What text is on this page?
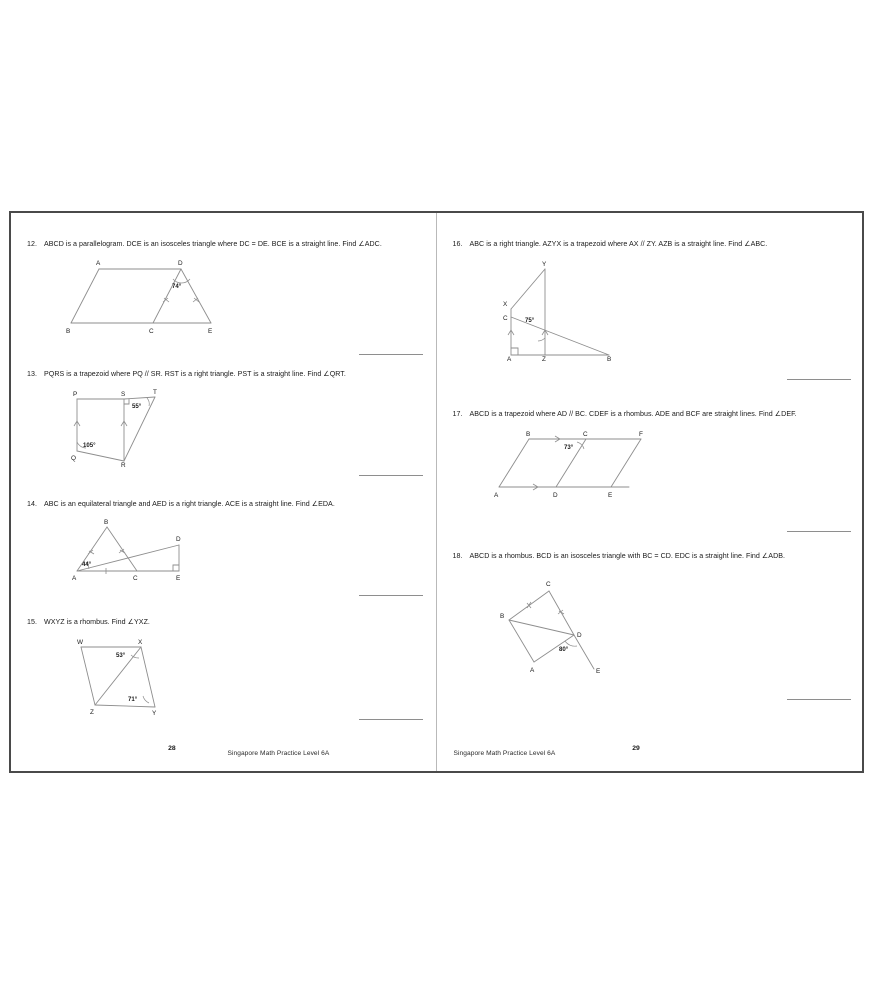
12. ABCD is a parallelogram. DCE is an isosceles triangle where DC = DE. BCE is a straight line. Find ∠ADC.
A	D
B	C	E
74°
13. PQRS is a trapezoid where PQ // SR. RST is a right triangle. PST is a straight line. Find ∠QRT.
P	S	T
Q
R
55°
105°
14. ABC is an equilateral triangle and AED is a right triangle. ACE is a straight line. Find ∠EDA.
B
D
A	C	E
44°
15. WXYZ is a rhombus. Find ∠YXZ.
W	X
Z	Y
53°
71°
28
Singapore Math Practice Level 6A
16. ABC is a right triangle. AZYX is a trapezoid where AX // ZY. AZB is a straight line. Find ∠ABC.
Y
X
C
A	Z	B
75°
17. ABCD is a trapezoid where AD // BC. CDEF is a rhombus. ADE and BCF are straight lines. Find ∠DEF.
B	C	F
A	D	E
73°
18. ABCD is a rhombus. BCD is an isosceles triangle with BC = CD. EDC is a straight line. Find ∠ADB.
C
B
D
A	E
80°
Singapore Math Practice Level 6A
29
